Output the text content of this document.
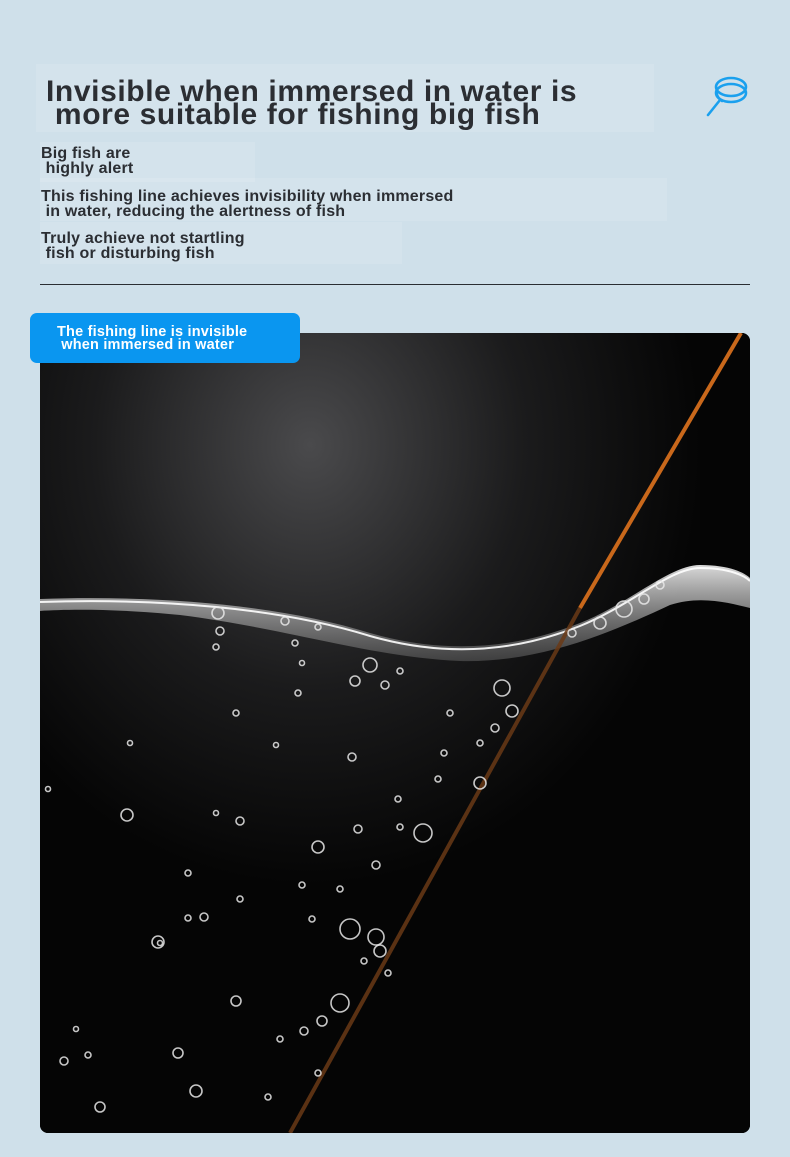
Invisible when immersed in water is
more suitable for fishing big fish

Big fish are
highly alert

This fishing line achieves invisibility when immersed
in water, reducing the alertness of fish

Truly achieve not startling
fish or disturbing fish

The fishing line is invisible
when immersed in water
